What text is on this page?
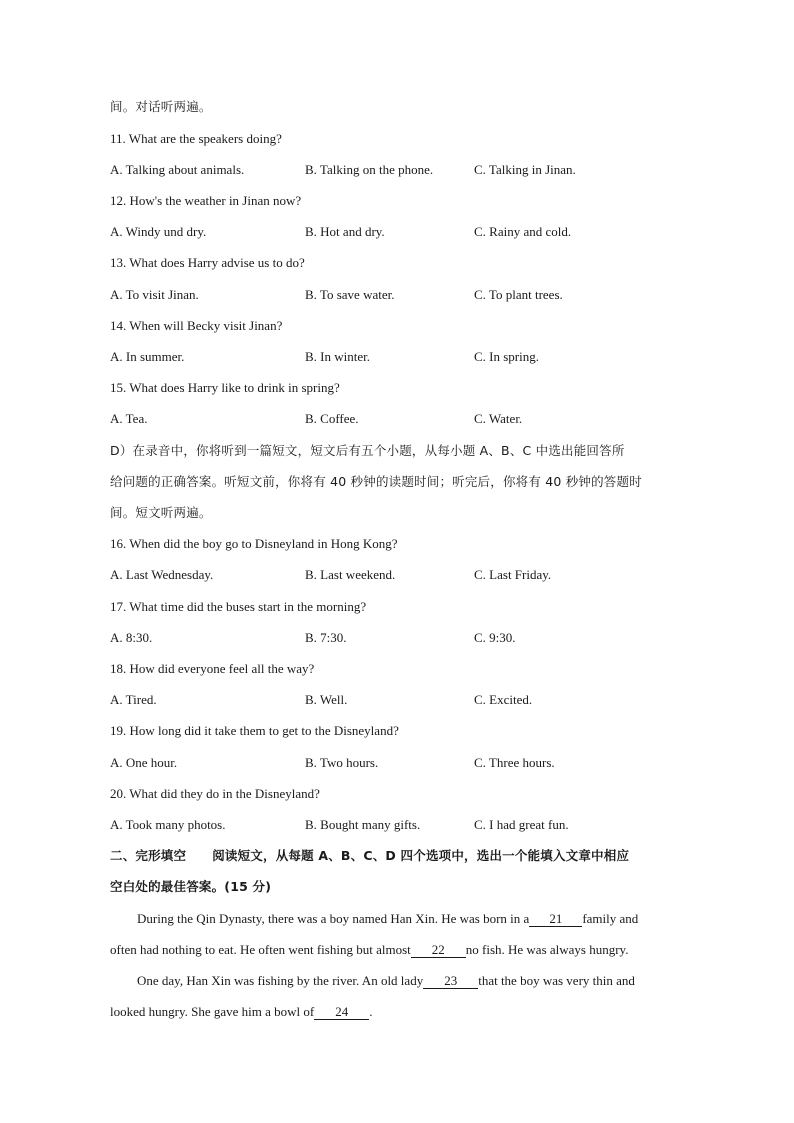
间。对话听两遍。
11. What are the speakers doing?
A. Talking about animals.	B. Talking on the phone.	C. Talking in Jinan.
12. How's the weather in Jinan now?
A. Windy und dry.	B. Hot and dry.	C. Rainy and cold.
13. What does Harry advise us to do?
A. To visit Jinan.	B. To save water.	C. To plant trees.
14. When will Becky visit Jinan?
A. In summer.	B. In winter.	C. In spring.
15. What does Harry like to drink in spring?
A. Tea.	B. Coffee.	C. Water.
D）在录音中，你将听到一篇短文，短文后有五个小题，从每小题 A、B、C 中选出能回答所
给问题的正确答案。听短文前，你将有 40 秒钟的读题时间；听完后，你将有 40 秒钟的答题时
间。短文听两遍。
16. When did the boy go to Disneyland in Hong Kong?
A. Last Wednesday.	B. Last weekend.	C. Last Friday.
17. What time did the buses start in the morning?
A. 8:30.	B. 7:30.	C. 9:30.
18. How did everyone feel all the way?
A. Tired.	B. Well.	C. Excited.
19. How long did it take them to get to the Disneyland?
A. One hour.	B. Two hours.	C. Three hours.
20. What did they do in the Disneyland?
A. Took many photos.	B. Bought many gifts.	C. I had great fun.
二、完形填空 阅读短文，从每题 A、B、C、D 四个选项中，选出一个能填入文章中相应
空白处的最佳答案。(15 分)
During the Qin Dynasty, there was a boy named Han Xin. He was born in a 21 family and
often had nothing to eat. He often went fishing but almost 22 no fish. He was always hungry.
One day, Han Xin was fishing by the river. An old lady 23 that the boy was very thin and
looked hungry. She gave him a bowl of 24 .
